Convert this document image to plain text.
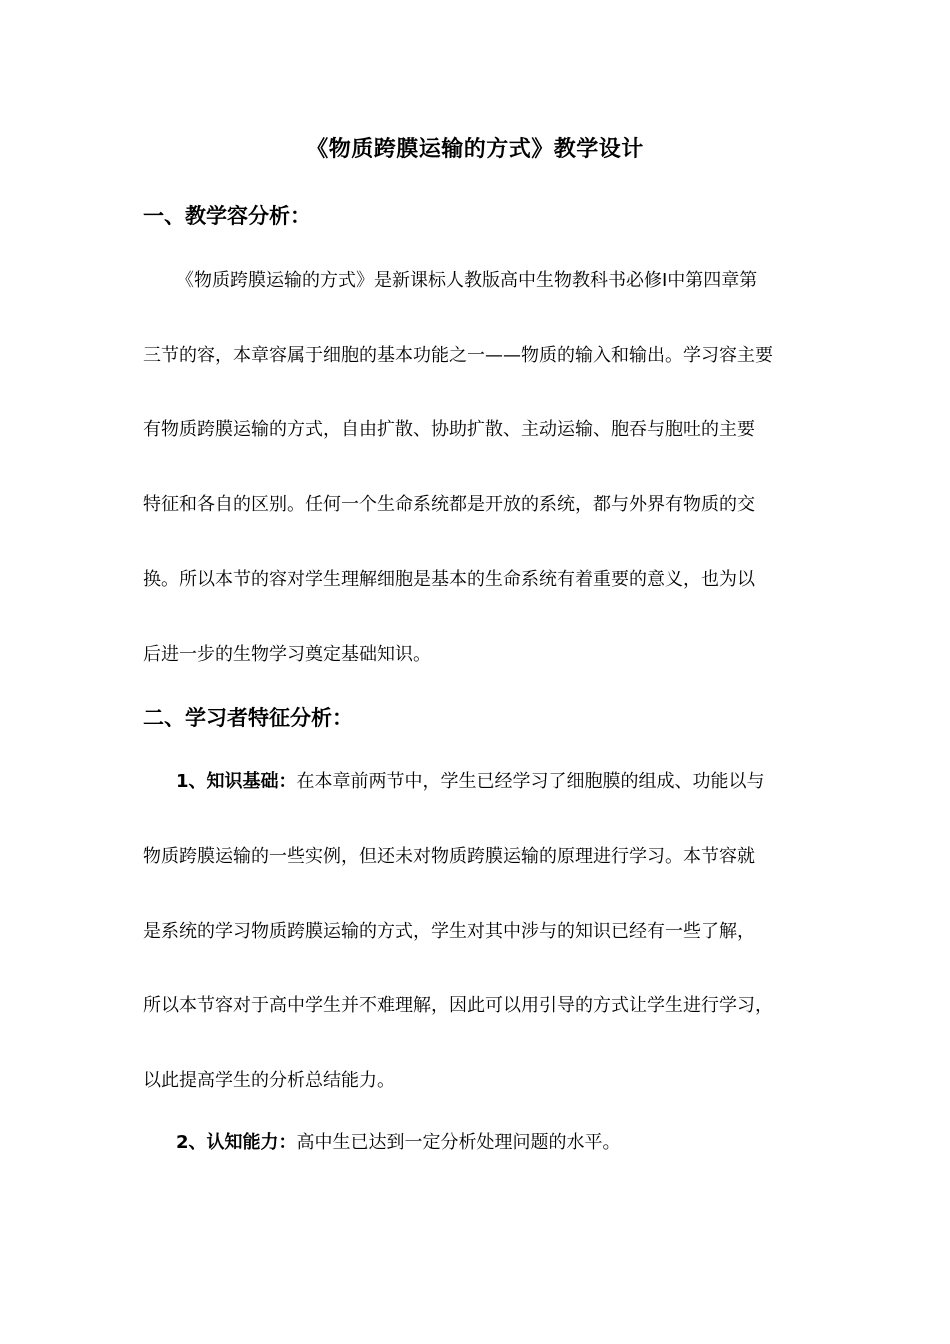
《物质跨膜运输的方式》教学设计
一、教学容分析：
《物质跨膜运输的方式》是新课标人教版高中生物教科书必修Ⅰ中第四章第
三节的容，本章容属于细胞的基本功能之一——物质的输入和输出。学习容主要
有物质跨膜运输的方式，自由扩散、协助扩散、主动运输、胞吞与胞吐的主要
特征和各自的区别。任何一个生命系统都是开放的系统，都与外界有物质的交
换。所以本节的容对学生理解细胞是基本的生命系统有着重要的意义，也为以
后进一步的生物学习奠定基础知识。
二、学习者特征分析：
1、知识基础：在本章前两节中，学生已经学习了细胞膜的组成、功能以与
物质跨膜运输的一些实例，但还未对物质跨膜运输的原理进行学习。本节容就
是系统的学习物质跨膜运输的方式，学生对其中涉与的知识已经有一些了解，
所以本节容对于高中学生并不难理解，因此可以用引导的方式让学生进行学习，
以此提高学生的分析总结能力。
2、认知能力：高中生已达到一定分析处理问题的水平。
